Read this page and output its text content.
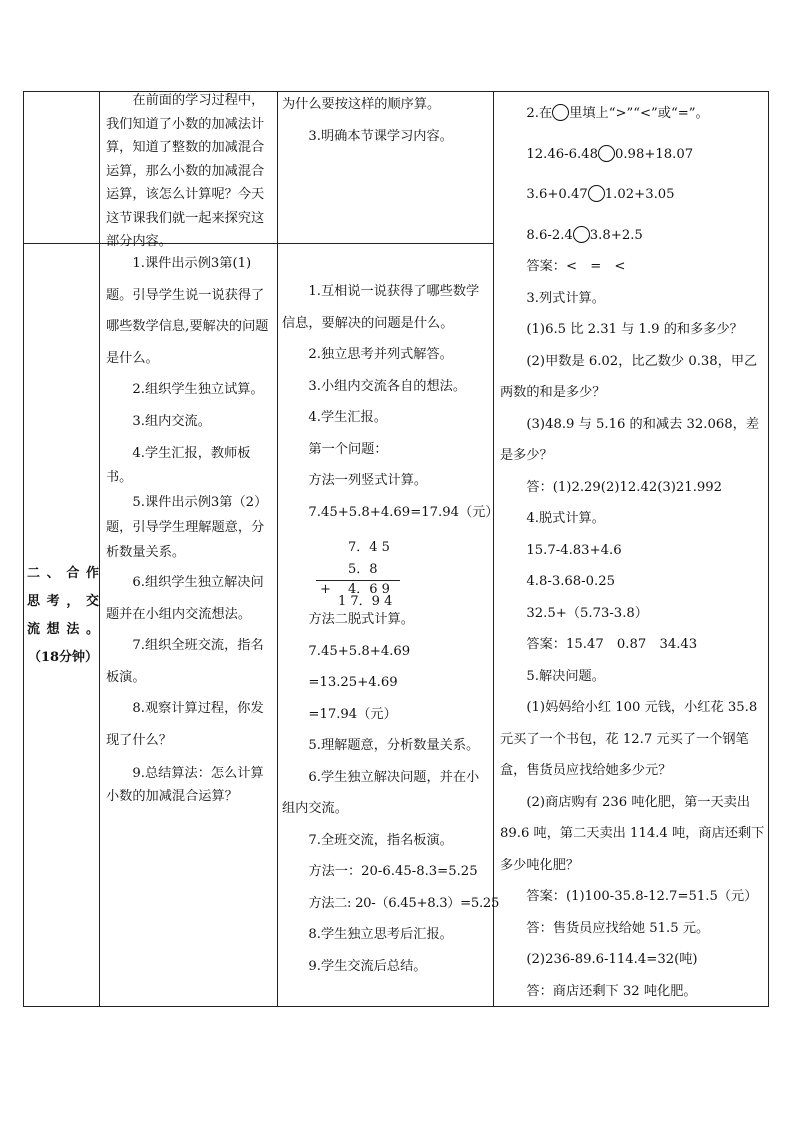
在前面的学习过程中，我们知道了小数的加减法计算，知道了整数的加减混合运算，那么小数的加减混合运算，该怎么计算呢？今天这节课我们就一起来探究这部分内容。

为什么要按这样的顺序算。

3.明确本节课学习内容。

二、合作
思考，交
流想法。
（18分钟）

1.课件出示例3第(1)题。引导学生说一说获得了哪些数学信息,要解决的问题是什么。

2.组织学生独立试算。

3.组内交流。

4.学生汇报，教师板书。

5.课件出示例3第（2）题，引导学生理解题意，分析数量关系。

6.组织学生独立解决问题并在小组内交流想法。

7.组织全班交流，指名板演。

8.观察计算过程，你发现了什么？

9.总结算法：怎么计算小数的加减混合运算？

1.互相说一说获得了哪些数学信息，要解决的问题是什么。

2.独立思考并列式解答。

3.小组内交流各自的想法。

4.学生汇报。

第一个问题：

方法一列竖式计算。

7.45+5.8+4.69=17.94（元）

7．4 5
5．8
+ 4．6 9
1 7．9 4

方法二脱式计算。

7.45+5.8+4.69

=13.25+4.69

=17.94（元）

5.理解题意，分析数量关系。

6.学生独立解决问题，并在小组内交流。

7.全班交流，指名板演。

方法一：20-6.45-8.3=5.25

方法二: 20-（6.45+8.3）=5.25

8.学生独立思考后汇报。

9.学生交流后总结。

2.在 里填上“>”“<”或“=”。

12.46-6.48 0.98+18.07

3.6+0.47 1.02+3.05

8.6-2.4 3.8+2.5

答案：<　=　<

3.列式计算。

(1)6.5 比 2.31 与 1.9 的和多多少？

(2)甲数是 6.02，比乙数少 0.38，甲乙两数的和是多少？

(3)48.9 与 5.16 的和减去 32.068，差是多少？

答：(1)2.29(2)12.42(3)21.992

4.脱式计算。

15.7-4.83+4.6

4.8-3.68-0.25

32.5+（5.73-3.8）

答案：15.47　0.87　34.43

5.解决问题。

(1)妈妈给小红 100 元钱，小红花 35.8 元买了一个书包，花 12.7 元买了一个钢笔盒，售货员应找给她多少元？

(2)商店购有 236 吨化肥，第一天卖出 89.6 吨，第二天卖出 114.4 吨，商店还剩下多少吨化肥？

答案：(1)100-35.8-12.7=51.5（元）

答：售货员应找给她 51.5 元。

(2)236-89.6-114.4=32(吨)

答：商店还剩下 32 吨化肥。
